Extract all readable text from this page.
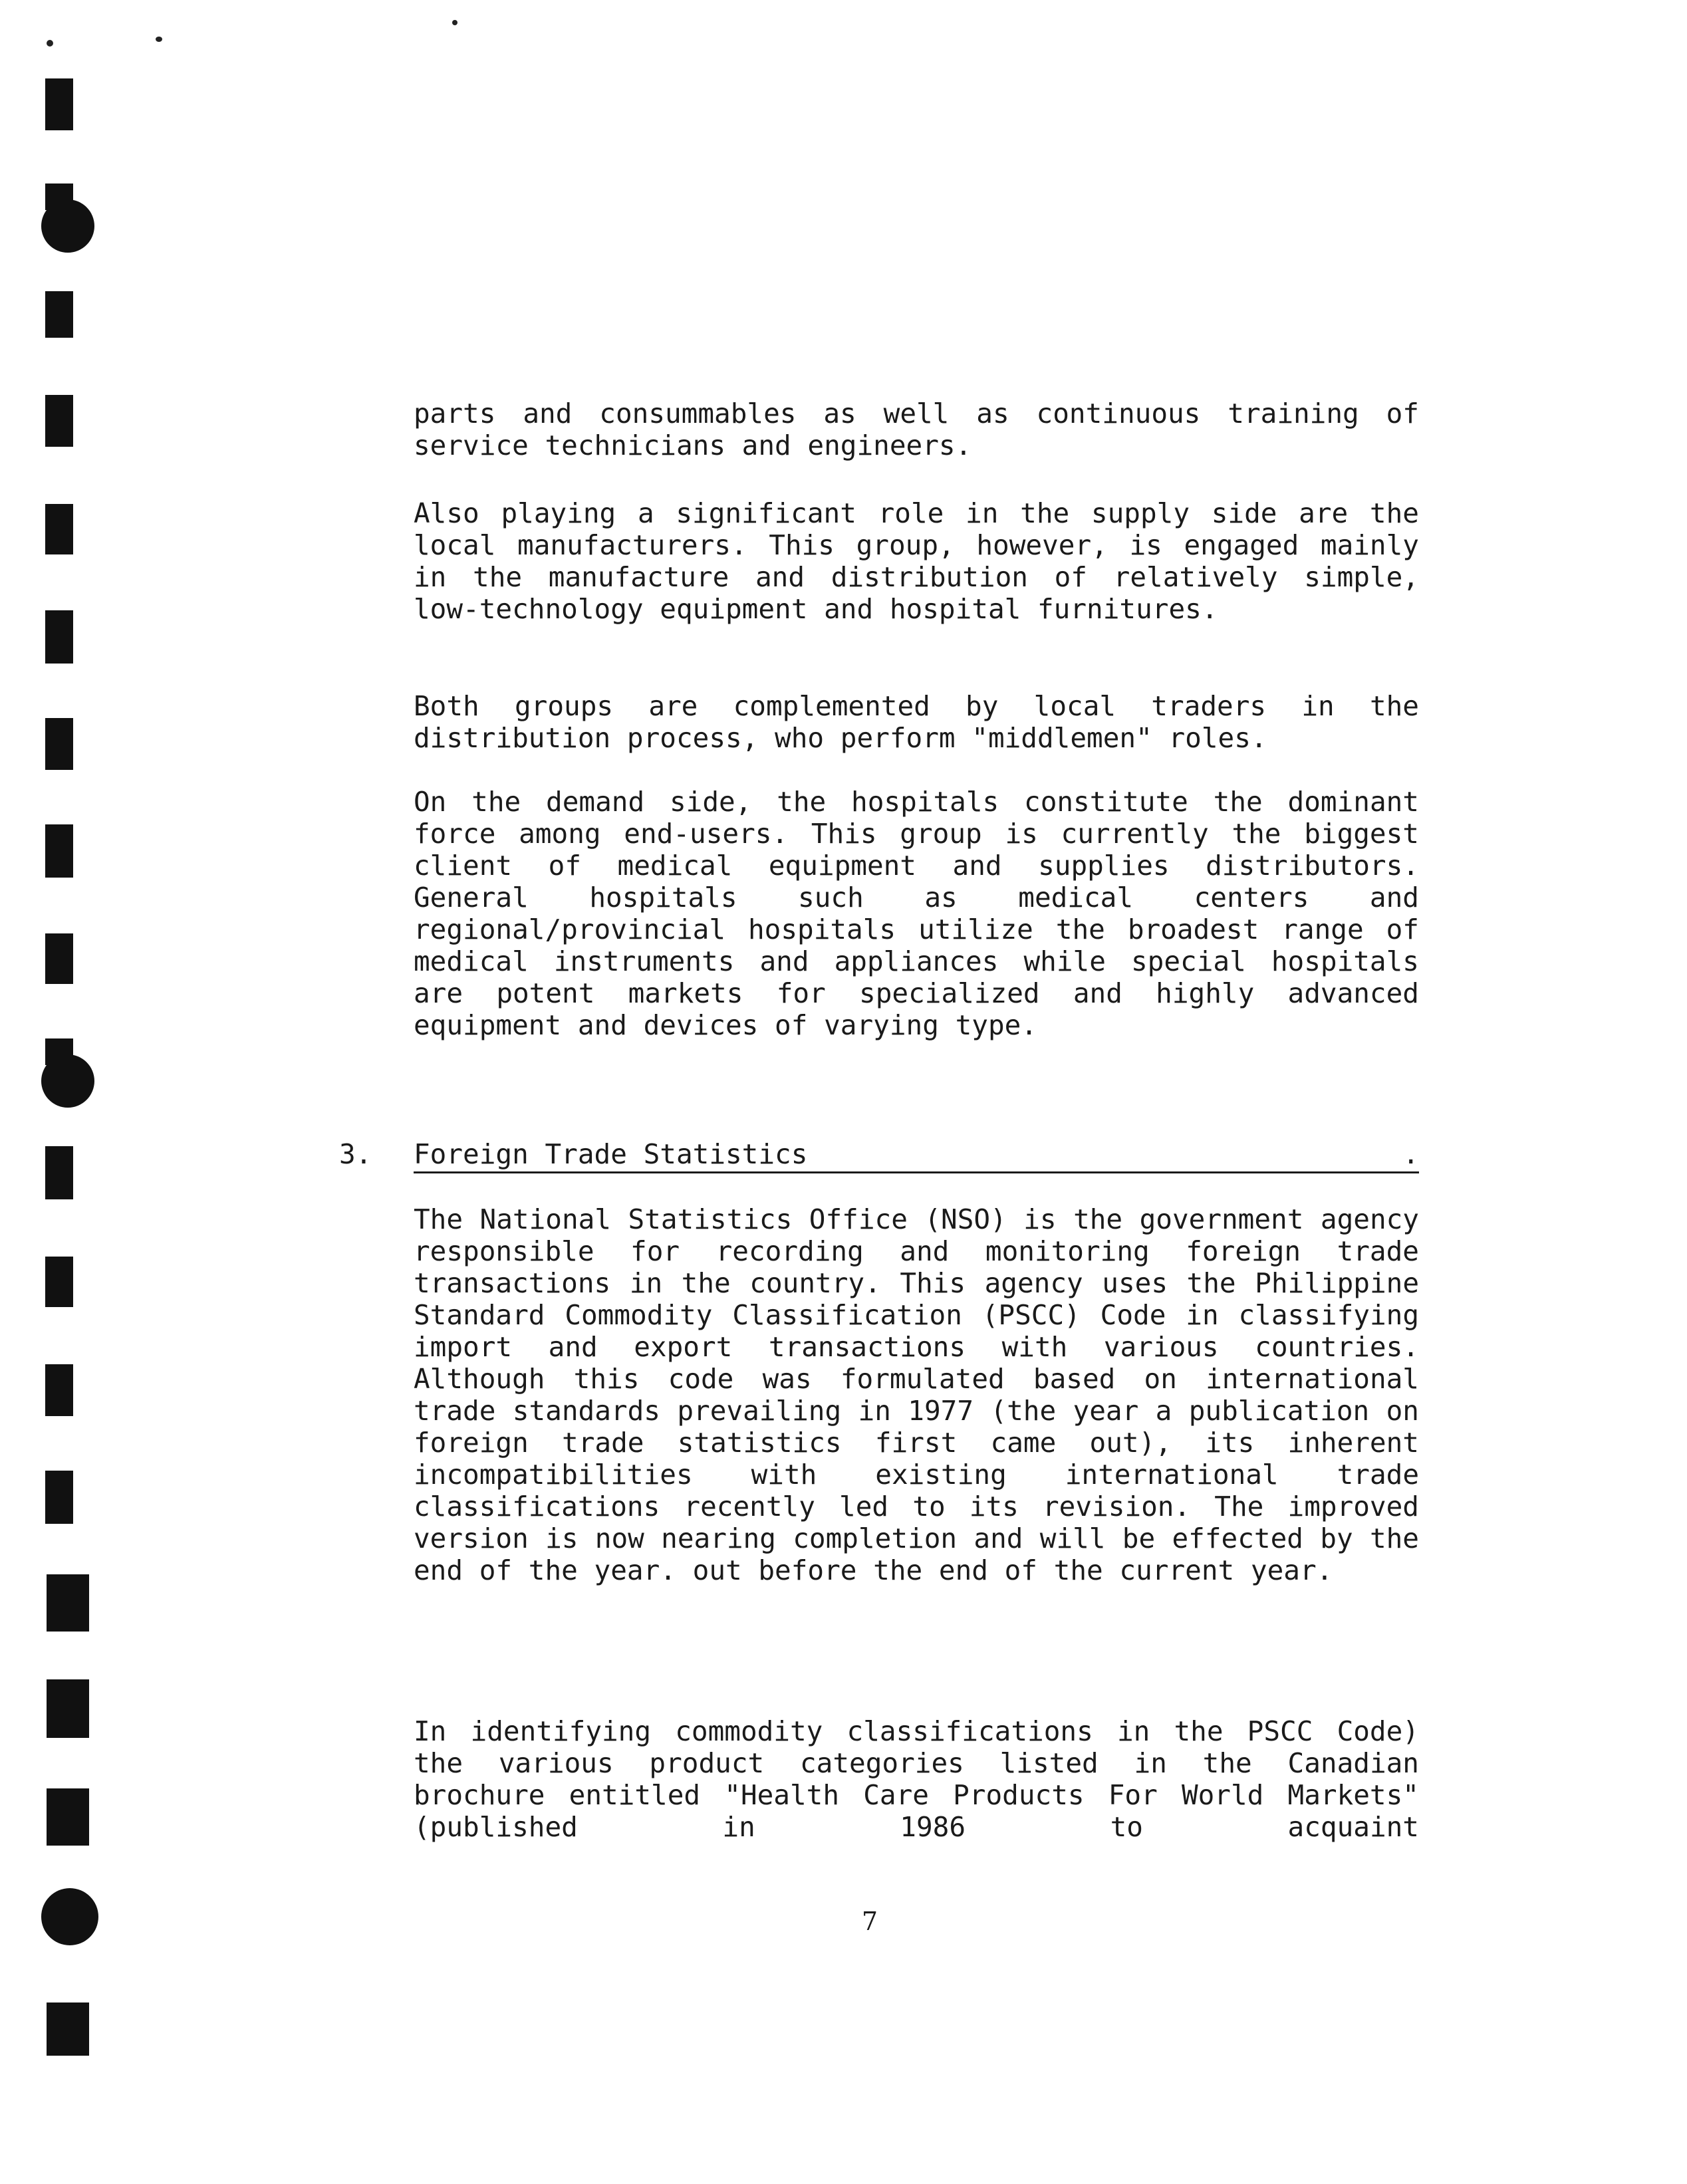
parts and consummables as well as continuous training of service technicians and engineers.

Also playing a significant role in the supply side are the local manufacturers. This group, however, is engaged mainly in the manufacture and distribution of relatively simple, low-technology equipment and hospital furnitures.

Both groups are complemented by local traders in the distribution process, who perform "middlemen" roles.

On the demand side, the hospitals constitute the dominant force among end-users. This group is currently the biggest client of medical equipment and supplies distributors. General hospitals such as medical centers and regional/provincial hospitals utilize the broadest range of medical instruments and appliances while special hospitals are potent markets for specialized and highly advanced equipment and devices of varying type.

3.	Foreign Trade Statistics	.

The National Statistics Office (NSO) is the government agency responsible for recording and monitoring foreign trade transactions in the country. This agency uses the Philippine Standard Commodity Classification (PSCC) Code in classifying import and export transactions with various countries. Although this code was formulated based on international trade standards prevailing in 1977 (the year a publication on foreign trade statistics first came out), its inherent incompatibilities with existing international trade classifications recently led to its revision. The improved version is now nearing completion and will be effected by the end of the year. out before the end of the current year.

In identifying commodity classifications in the PSCC Code) the various product categories listed in the Canadian brochure entitled "Health Care Products For World Markets" (published in 1986 to acquaint

7
